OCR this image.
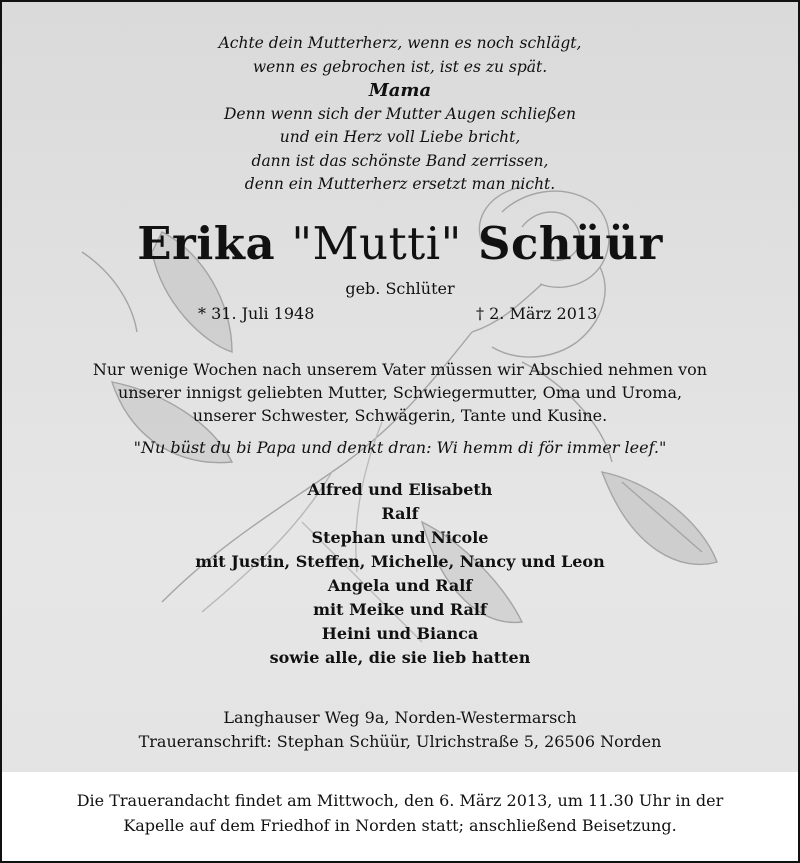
Achte dein Mutterherz, wenn es noch schlägt,
wenn es gebrochen ist, ist es zu spät.
Mama
Denn wenn sich der Mutter Augen schließen
und ein Herz voll Liebe bricht,
dann ist das schönste Band zerrissen,
denn ein Mutterherz ersetzt man nicht.
Erika "Mutti" Schüür
geb. Schlüter
* 31. Juli 1948	† 2. März 2013
Nur wenige Wochen nach unserem Vater müssen wir Abschied nehmen von
unserer innigst geliebten Mutter, Schwiegermutter, Oma und Uroma,
unserer Schwester, Schwägerin, Tante und Kusine.
"Nu büst du bi Papa und denkt dran: Wi hemm di för immer leef."
Alfred und Elisabeth
Ralf
Stephan und Nicole
mit Justin, Steffen, Michelle, Nancy und Leon
Angela und Ralf
mit Meike und Ralf
Heini und Bianca
sowie alle, die sie lieb hatten
Langhauser Weg 9a, Norden-Westermarsch
Traueranschrift: Stephan Schüür, Ulrichstraße 5, 26506 Norden
Die Trauerandacht findet am Mittwoch, den 6. März 2013, um 11.30 Uhr in der
Kapelle auf dem Friedhof in Norden statt; anschließend Beisetzung.
